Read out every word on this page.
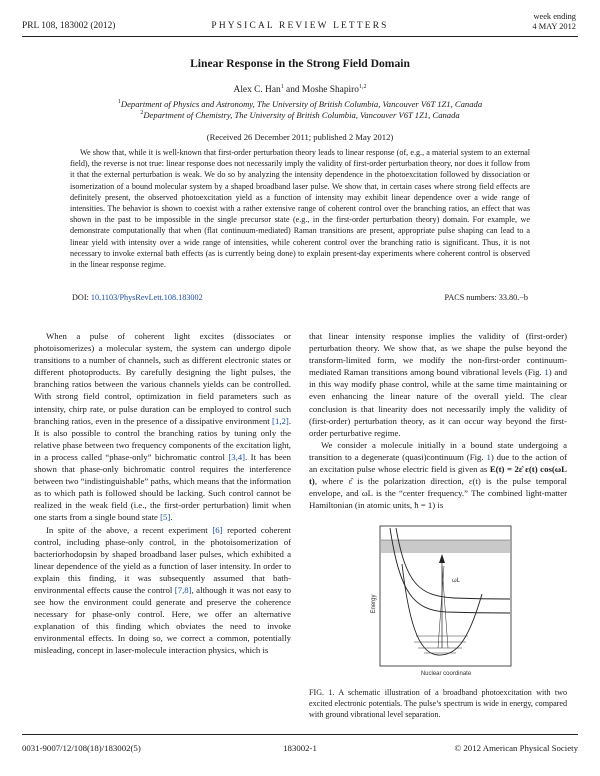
PRL 108, 183002 (2012)	PHYSICAL REVIEW LETTERS
week ending
4 MAY 2012
Linear Response in the Strong Field Domain
Alex C. Han$^1$ and Moshe Shapiro$^{1,2}$
$^1$Department of Physics and Astronomy, The University of British Columbia, Vancouver V6T 1Z1, Canada
$^2$Department of Chemistry, The University of British Columbia, Vancouver V6T 1Z1, Canada
(Received 26 December 2011; published 2 May 2012)

We show that, while it is well-known that first-order perturbation theory leads to linear response (of, e.g., a material system to an external field), the reverse is not true: linear response does not necessarily imply the validity of first-order perturbation theory, nor does it follow from it that the external perturbation is weak. We do so by analyzing the intensity dependence in the photoexcitation followed by dissociation or isomerization of a bound molecular system by a shaped broadband laser pulse. We show that, in certain cases where strong field effects are definitely present, the observed photoexcitation yield as a function of intensity may exhibit linear dependence over a wide range of intensities. The behavior is shown to coexist with a rather extensive range of coherent control over the branching ratios, an effect that was shown in the past to be impossible in the single precursor state (e.g., in the first-order perturbation theory) domain. For example, we demonstrate computationally that when (flat continuum-mediated) Raman transitions are present, appropriate pulse shaping can lead to a linear yield with intensity over a wide range of intensities, while coherent control over the branching ratio is significant. Thus, it is not necessary to invoke external bath effects (as is currently being done) to explain present-day experiments where coherent control is observed in the linear response regime.

DOI: 10.1103/PhysRevLett.108.183002	PACS numbers: 33.80.−b

When a pulse of coherent light excites (dissociates or photoisomerizes) a molecular system, the system can undergo dipole transitions to a number of channels, such as different electronic states or different photoproducts. By carefully designing the light pulses, the branching ratios between the various channels yields can be controlled. With strong field control, optimization in field parameters such as intensity, chirp rate, or pulse duration can be employed to control such branching ratios, even in the presence of a dissipative environment [1,2]. It is also possible to control the branching ratios by tuning only the relative phase between two frequency components of the excitation light, in a process called “phase-only” bichromatic control [3,4]. It has been shown that phase-only bichromatic control requires the interference between two “indistinguishable” paths, which means that the information as to which path is followed should be lacking. Such control cannot be realized in the weak field (i.e., the first-order perturbation) limit when one starts from a single bound state [5].

In spite of the above, a recent experiment [6] reported coherent control, including phase-only control, in the photoisomerization of bacteriorhodopsin by shaped broadband laser pulses, which exhibited a linear dependence of the yield as a function of laser intensity. In order to explain this finding, it was subsequently assumed that bath-environmental effects cause the control [7,8], although it was not easy to see how the environment could generate and preserve the coherence necessary for phase-only control. Here, we offer an alternative explanation of this finding which obviates the need to invoke environmental effects. In doing so, we correct a common, potentially misleading, concept in laser-molecule interaction physics, which is

that linear intensity response implies the validity of (first-order) perturbation theory. We show that, as we shape the pulse beyond the transform-limited form, we modify the non-first-order continuum-mediated Raman transitions among bound vibrational levels (Fig. 1) and in this way modify phase control, while at the same time maintaining or even enhancing the linear nature of the overall yield. The clear conclusion is that linearity does not necessarily imply the validity of (first-order) perturbation theory, as it can occur way beyond the first-order perturbative regime.

We consider a molecule initially in a bound state undergoing a transition to a degenerate (quasi)continuum (Fig. 1) due to the action of an excitation pulse whose electric field is given as E(t) = 2ε̂ ε(t) cos(ωL t), where ε̂ is the polarization direction, ε(t) is the pulse temporal envelope, and ωL is the “center frequency.” The combined light-matter Hamiltonian (in atomic units, ħ = 1) is

ωL
Energy
Nuclear coordinate
FIG. 1. A schematic illustration of a broadband photoexcitation with two excited electronic potentials. The pulse’s spectrum is wide in energy, compared with ground vibrational level separation.
0031-9007/12/108(18)/183002(5)	183002-1	© 2012 American Physical Society
